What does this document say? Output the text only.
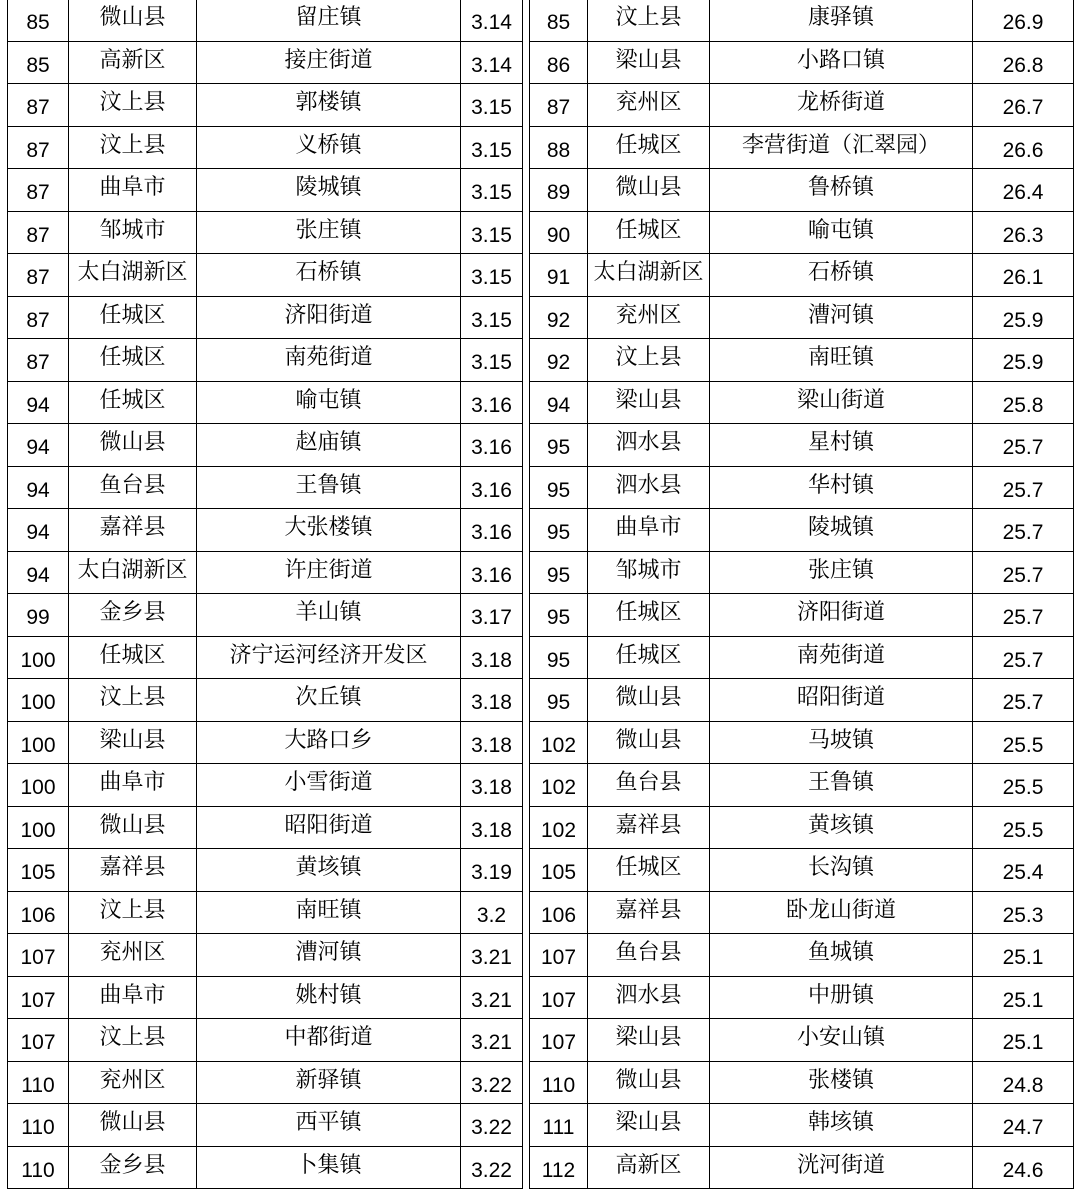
85	微山县	留庄镇	3.14
85	高新区	接庄街道	3.14
87	汶上县	郭楼镇	3.15
87	汶上县	义桥镇	3.15
87	曲阜市	陵城镇	3.15
87	邹城市	张庄镇	3.15
87	太白湖新区	石桥镇	3.15
87	任城区	济阳街道	3.15
87	任城区	南苑街道	3.15
94	任城区	喻屯镇	3.16
94	微山县	赵庙镇	3.16
94	鱼台县	王鲁镇	3.16
94	嘉祥县	大张楼镇	3.16
94	太白湖新区	许庄街道	3.16
99	金乡县	羊山镇	3.17
100	任城区	济宁运河经济开发区	3.18
100	汶上县	次丘镇	3.18
100	梁山县	大路口乡	3.18
100	曲阜市	小雪街道	3.18
100	微山县	昭阳街道	3.18
105	嘉祥县	黄垓镇	3.19
106	汶上县	南旺镇	3.2
107	兖州区	漕河镇	3.21
107	曲阜市	姚村镇	3.21
107	汶上县	中都街道	3.21
110	兖州区	新驿镇	3.22
110	微山县	西平镇	3.22
110	金乡县	卜集镇	3.22
85	汶上县	康驿镇	26.9
86	梁山县	小路口镇	26.8
87	兖州区	龙桥街道	26.7
88	任城区	李营街道（汇翠园）	26.6
89	微山县	鲁桥镇	26.4
90	任城区	喻屯镇	26.3
91	太白湖新区	石桥镇	26.1
92	兖州区	漕河镇	25.9
92	汶上县	南旺镇	25.9
94	梁山县	梁山街道	25.8
95	泗水县	星村镇	25.7
95	泗水县	华村镇	25.7
95	曲阜市	陵城镇	25.7
95	邹城市	张庄镇	25.7
95	任城区	济阳街道	25.7
95	任城区	南苑街道	25.7
95	微山县	昭阳街道	25.7
102	微山县	马坡镇	25.5
102	鱼台县	王鲁镇	25.5
102	嘉祥县	黄垓镇	25.5
105	任城区	长沟镇	25.4
106	嘉祥县	卧龙山街道	25.3
107	鱼台县	鱼城镇	25.1
107	泗水县	中册镇	25.1
107	梁山县	小安山镇	25.1
110	微山县	张楼镇	24.8
111	梁山县	韩垓镇	24.7
112	高新区	洸河街道	24.6
